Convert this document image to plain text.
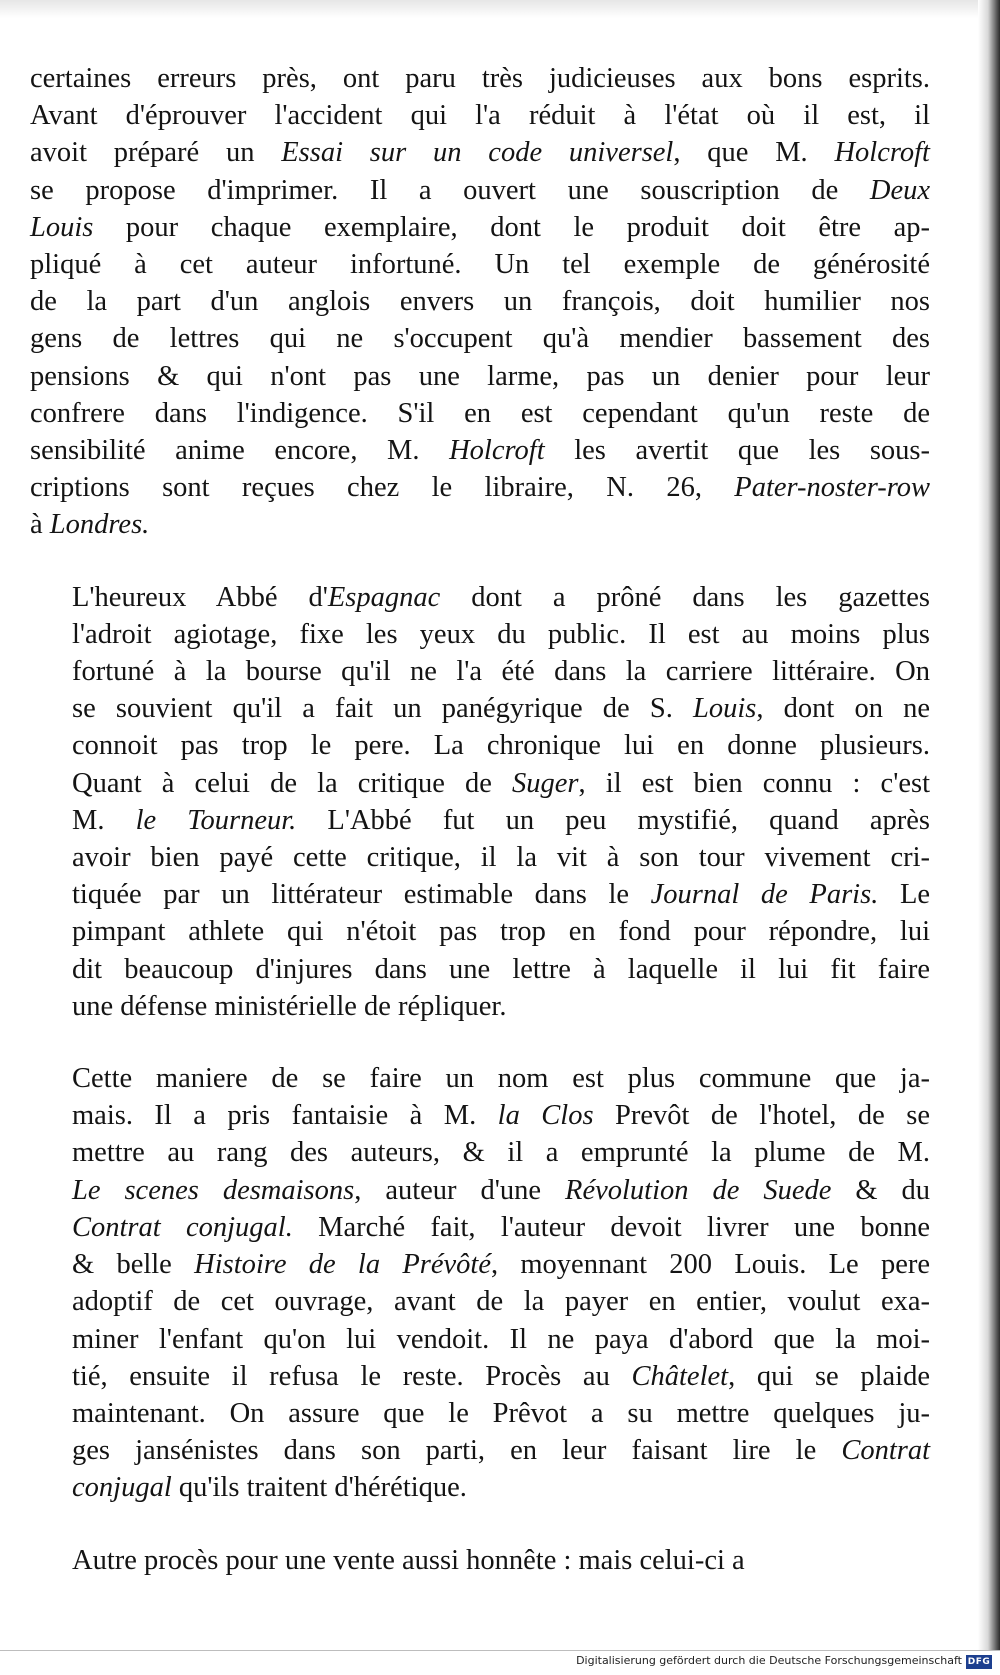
certaines erreurs près, ont paru très judicieuses aux bons esprits.
Avant d'éprouver l'accident qui l'a réduit à l'état où il est, il
avoit préparé un Essai sur un code universel, que M. Holcroft
se propose d'imprimer. Il a ouvert une souscription de Deux
Louis pour chaque exemplaire, dont le produit doit être ap-
pliqué à cet auteur infortuné. Un tel exemple de générosité
de la part d'un anglois envers un françois, doit humilier nos
gens de lettres qui ne s'occupent qu'à mendier bassement des
pensions & qui n'ont pas une larme, pas un denier pour leur
confrere dans l'indigence. S'il en est cependant qu'un reste de
sensibilité anime encore, M. Holcroft les avertit que les sous-
criptions sont reçues chez le libraire, N. 26, Pater-noster-row
à Londres.
L'heureux Abbé d'Espagnac dont a prôné dans les gazettes
l'adroit agiotage, fixe les yeux du public. Il est au moins plus
fortuné à la bourse qu'il ne l'a été dans la carriere littéraire. On
se souvient qu'il a fait un panégyrique de S. Louis, dont on ne
connoit pas trop le pere. La chronique lui en donne plusieurs.
Quant à celui de la critique de Suger, il est bien connu : c'est
M. le Tourneur. L'Abbé fut un peu mystifié, quand après
avoir bien payé cette critique, il la vit à son tour vivement cri-
tiquée par un littérateur estimable dans le Journal de Paris. Le
pimpant athlete qui n'étoit pas trop en fond pour répondre, lui
dit beaucoup d'injures dans une lettre à laquelle il lui fit faire
une défense ministérielle de répliquer.
Cette maniere de se faire un nom est plus commune que ja-
mais. Il a pris fantaisie à M. la Clos Prevôt de l'hotel, de se
mettre au rang des auteurs, & il a emprunté la plume de M.
Le scenes desmaisons, auteur d'une Révolution de Suede & du
Contrat conjugal. Marché fait, l'auteur devoit livrer une bonne
& belle Histoire de la Prévôté, moyennant 200 Louis. Le pere
adoptif de cet ouvrage, avant de la payer en entier, voulut exa-
miner l'enfant qu'on lui vendoit. Il ne paya d'abord que la moi-
tié, ensuite il refusa le reste. Procès au Châtelet, qui se plaide
maintenant. On assure que le Prêvot a su mettre quelques ju-
ges jansénistes dans son parti, en leur faisant lire le Contrat
conjugal qu'ils traitent d'hérétique.
Autre procès pour une vente aussi honnête : mais celui-ci a
Digitalisierung gefördert durch die Deutsche Forschungsgemeinschaft DFG
